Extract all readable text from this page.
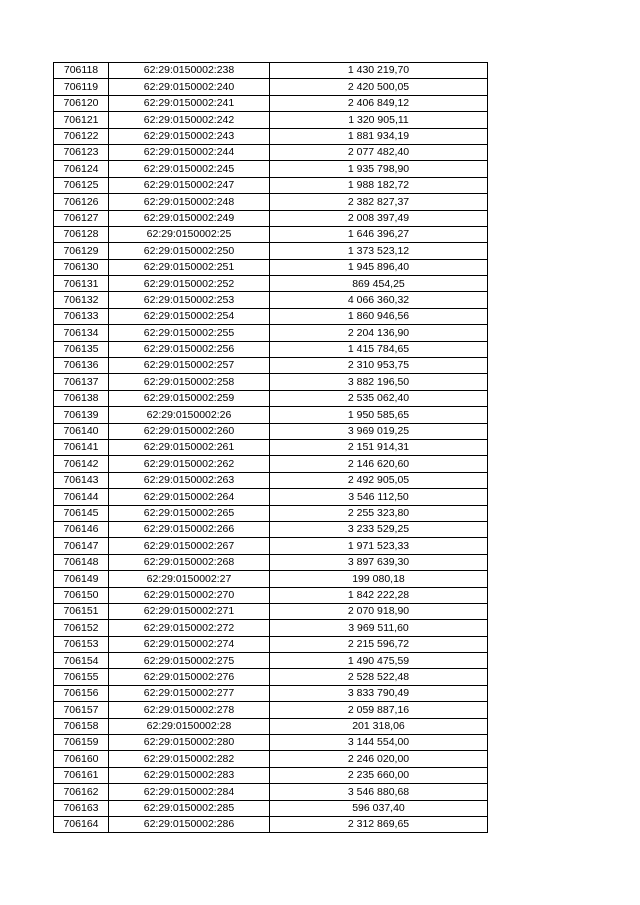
706118	62:29:0150002:238	1 430 219,70
706119	62:29:0150002:240	2 420 500,05
706120	62:29:0150002:241	2 406 849,12
706121	62:29:0150002:242	1 320 905,11
706122	62:29:0150002:243	1 881 934,19
706123	62:29:0150002:244	2 077 482,40
706124	62:29:0150002:245	1 935 798,90
706125	62:29:0150002:247	1 988 182,72
706126	62:29:0150002:248	2 382 827,37
706127	62:29:0150002:249	2 008 397,49
706128	62:29:0150002:25	1 646 396,27
706129	62:29:0150002:250	1 373 523,12
706130	62:29:0150002:251	1 945 896,40
706131	62:29:0150002:252	869 454,25
706132	62:29:0150002:253	4 066 360,32
706133	62:29:0150002:254	1 860 946,56
706134	62:29:0150002:255	2 204 136,90
706135	62:29:0150002:256	1 415 784,65
706136	62:29:0150002:257	2 310 953,75
706137	62:29:0150002:258	3 882 196,50
706138	62:29:0150002:259	2 535 062,40
706139	62:29:0150002:26	1 950 585,65
706140	62:29:0150002:260	3 969 019,25
706141	62:29:0150002:261	2 151 914,31
706142	62:29:0150002:262	2 146 620,60
706143	62:29:0150002:263	2 492 905,05
706144	62:29:0150002:264	3 546 112,50
706145	62:29:0150002:265	2 255 323,80
706146	62:29:0150002:266	3 233 529,25
706147	62:29:0150002:267	1 971 523,33
706148	62:29:0150002:268	3 897 639,30
706149	62:29:0150002:27	199 080,18
706150	62:29:0150002:270	1 842 222,28
706151	62:29:0150002:271	2 070 918,90
706152	62:29:0150002:272	3 969 511,60
706153	62:29:0150002:274	2 215 596,72
706154	62:29:0150002:275	1 490 475,59
706155	62:29:0150002:276	2 528 522,48
706156	62:29:0150002:277	3 833 790,49
706157	62:29:0150002:278	2 059 887,16
706158	62:29:0150002:28	201 318,06
706159	62:29:0150002:280	3 144 554,00
706160	62:29:0150002:282	2 246 020,00
706161	62:29:0150002:283	2 235 660,00
706162	62:29:0150002:284	3 546 880,68
706163	62:29:0150002:285	596 037,40
706164	62:29:0150002:286	2 312 869,65
